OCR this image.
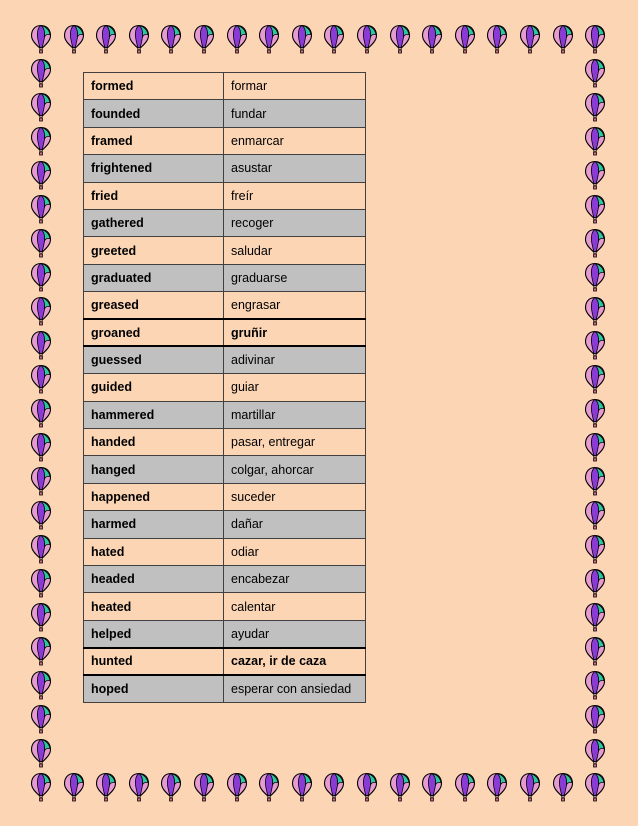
formed	formar
founded	fundar
framed	enmarcar
frightened	asustar
fried	freír
gathered	recoger
greeted	saludar
graduated	graduarse
greased	engrasar
groaned	gruñir
guessed	adivinar
guided	guiar
hammered	martillar
handed	pasar, entregar
hanged	colgar, ahorcar
happened	suceder
harmed	dañar
hated	odiar
headed	encabezar
heated	calentar
helped	ayudar
hunted	cazar, ir de caza
hoped	esperar con ansiedad
